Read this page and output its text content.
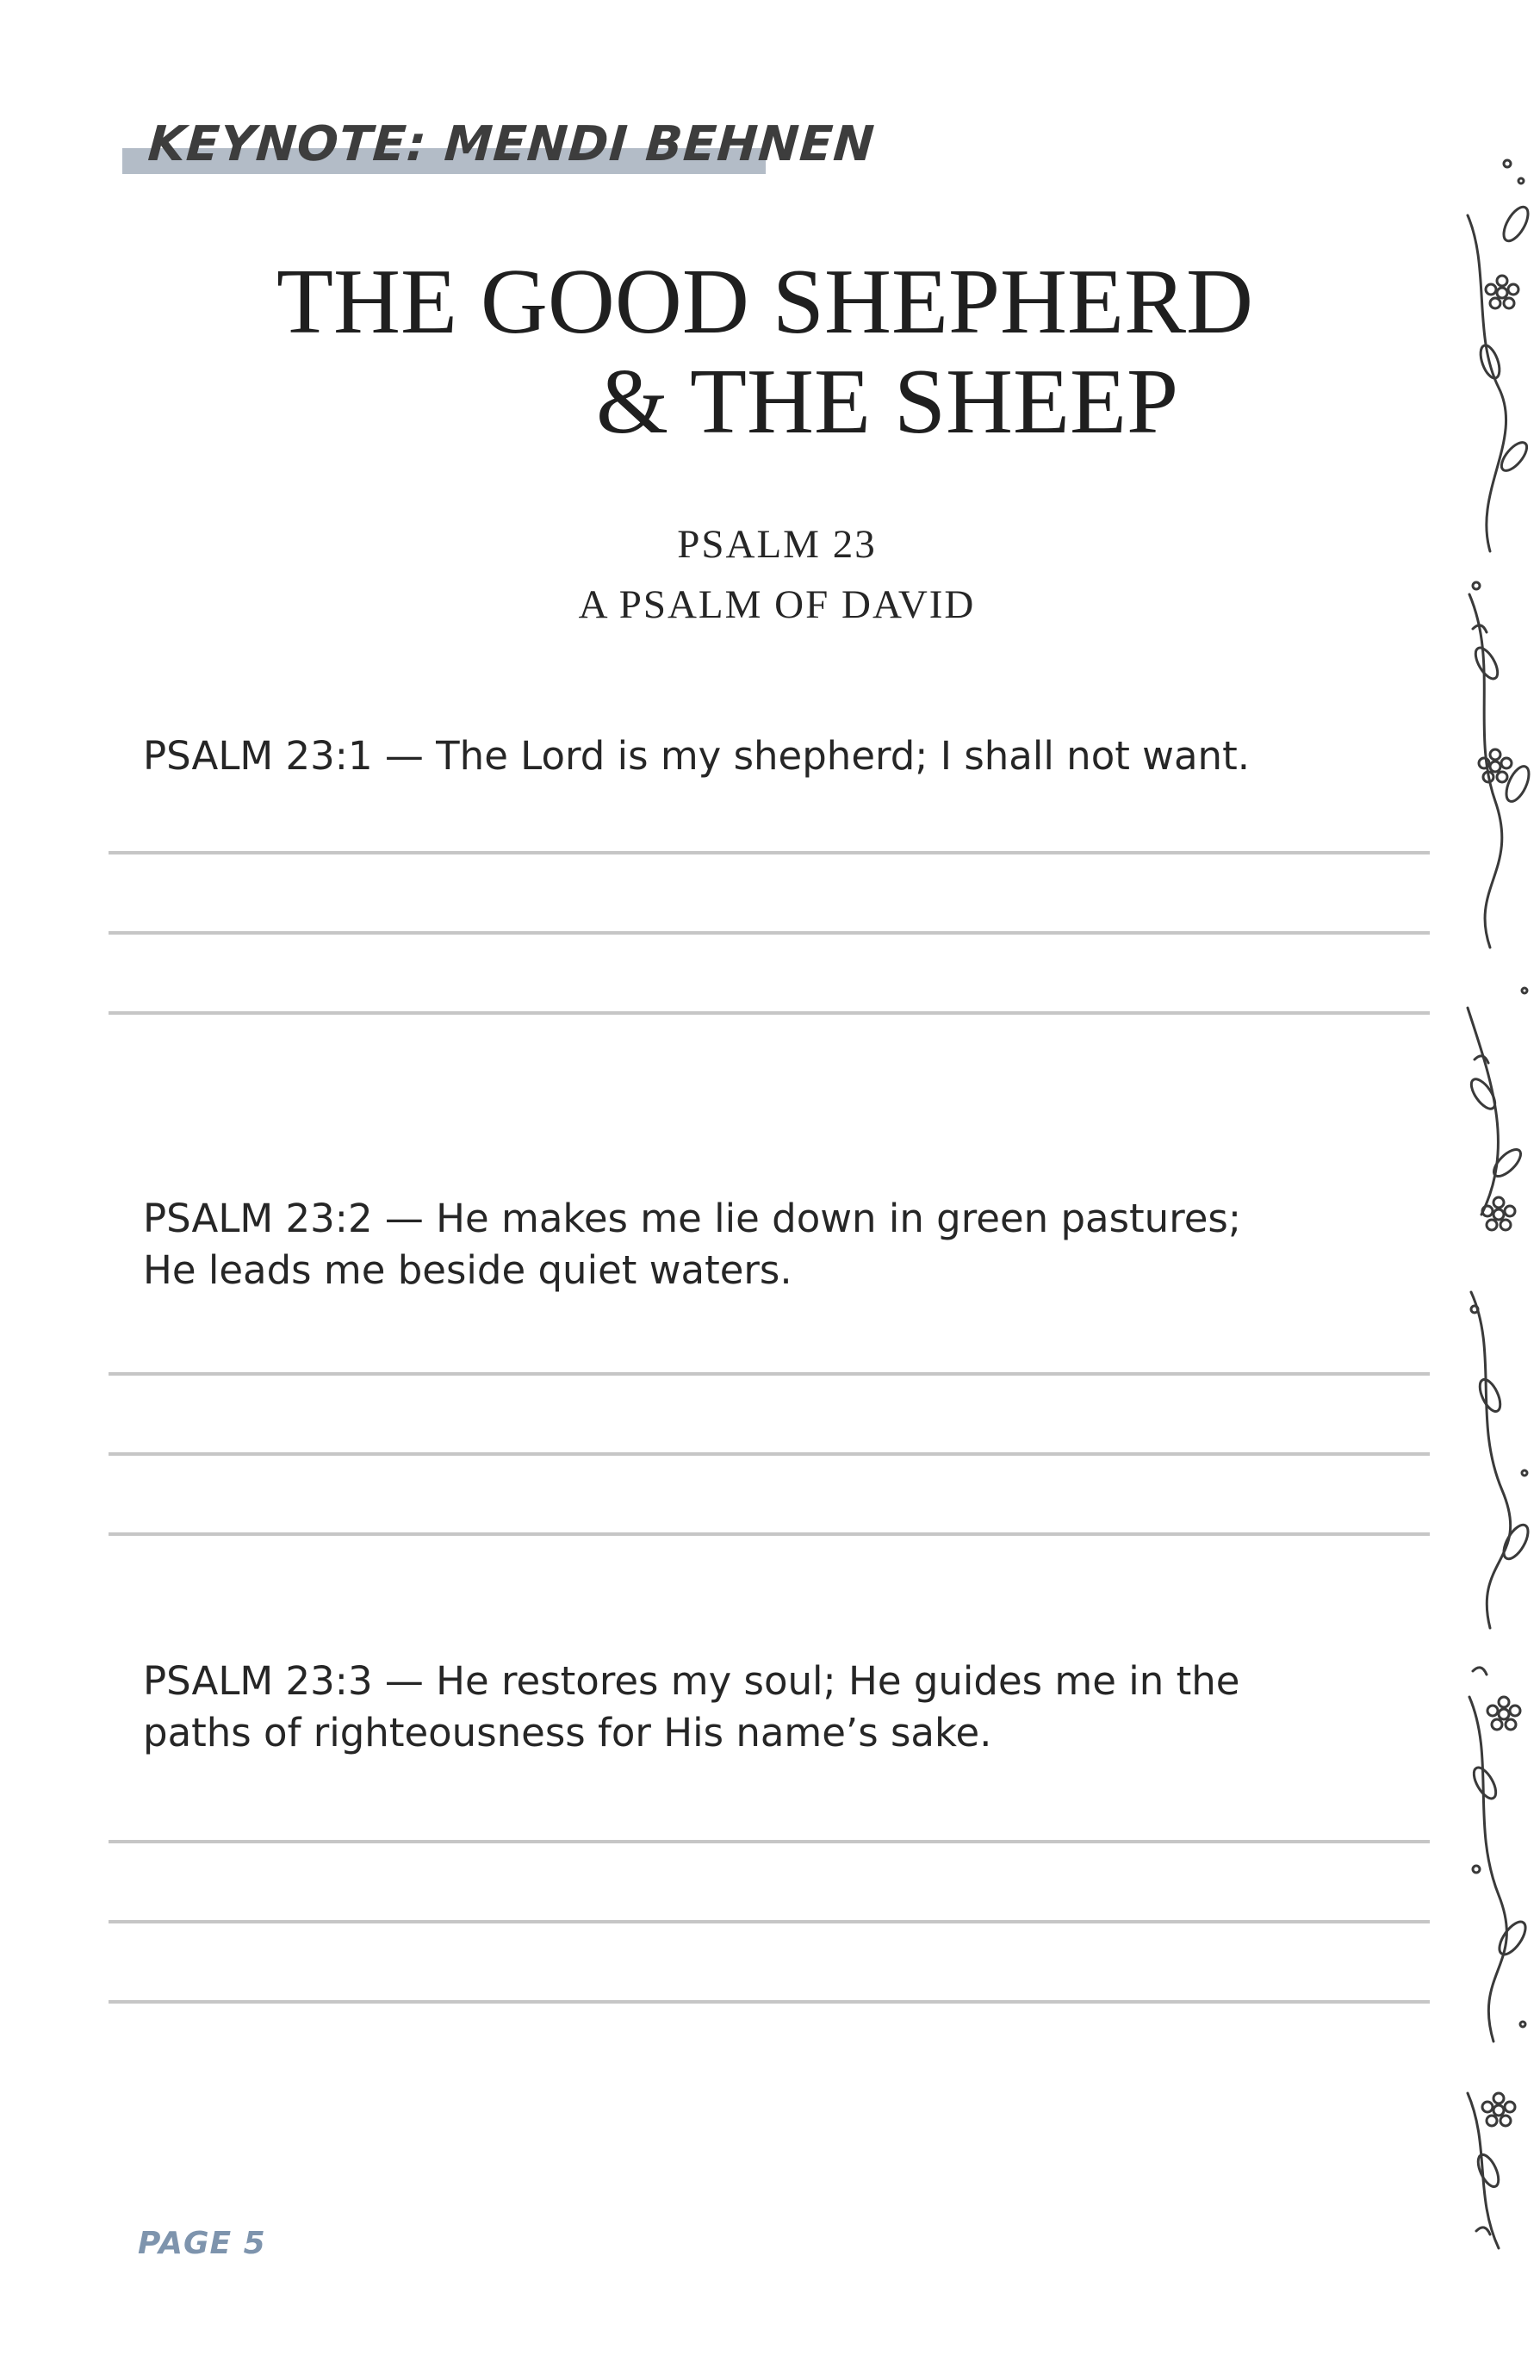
KEYNOTE: MENDI BEHNEN
THE GOOD SHEPHERD
& THE SHEEP
PSALM 23
A PSALM OF DAVID
PSALM 23:1 — The Lord is my shepherd; I shall not want.
PSALM 23:2 — He makes me lie down in green pastures;
He leads me beside quiet waters.
PSALM 23:3 — He restores my soul; He guides me in the
paths of righteousness for His name’s sake.
PAGE 5
